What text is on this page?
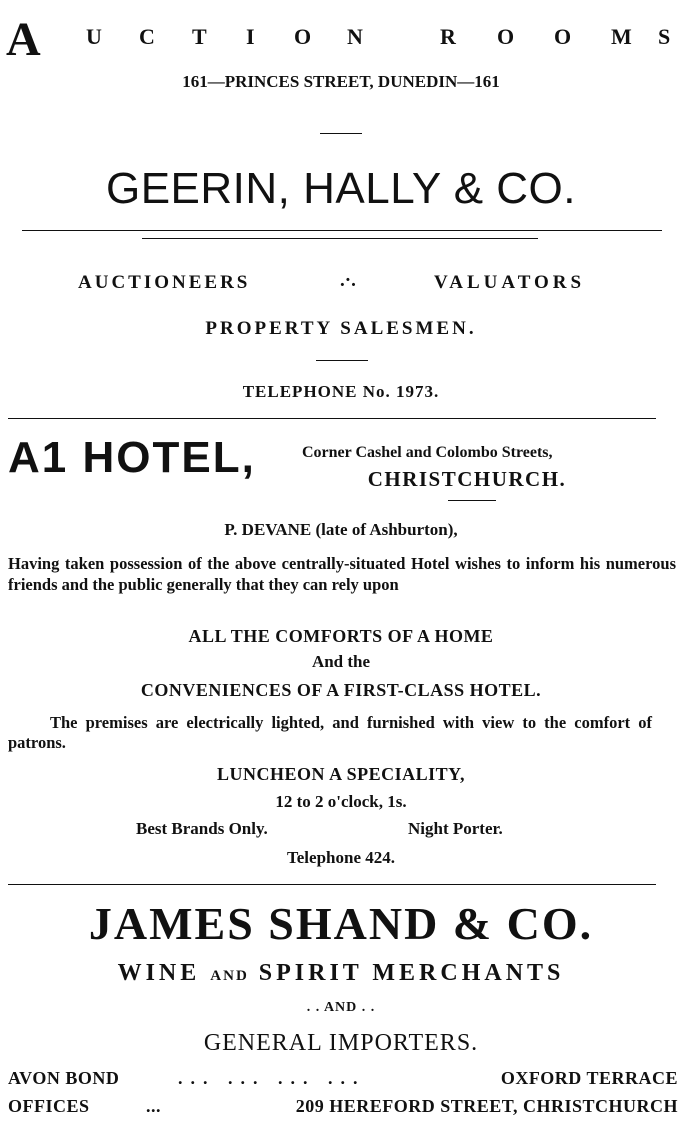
A U C T I O N	R O O M S
161—PRINCES STREET, DUNEDIN—161
GEERIN, HALLY & CO.
AUCTIONEERS	.·.	VALUATORS
PROPERTY SALESMEN.
TELEPHONE No. 1973.
A1 HOTEL,	Corner Cashel and Colombo Streets,
CHRISTCHURCH.
P. DEVANE (late of Ashburton),
Having taken possession of the above centrally-situated Hotel wishes to inform his numerous friends and the public generally that they can rely upon
ALL THE COMFORTS OF A HOME
And the
CONVENIENCES OF A FIRST-CLASS HOTEL.
The premises are electrically lighted, and furnished with view to the comfort of patrons.
LUNCHEON A SPECIALITY,
12 to 2 o'clock, 1s.
Best Brands Only.	Night Porter.
Telephone 424.
JAMES SHAND & CO.
WINE AND SPIRIT MERCHANTS
. . AND . .
GENERAL IMPORTERS.
AVON BOND	... ... ... ...	OXFORD TERRACE
OFFICES	...	209 HEREFORD STREET, CHRISTCHURCH
